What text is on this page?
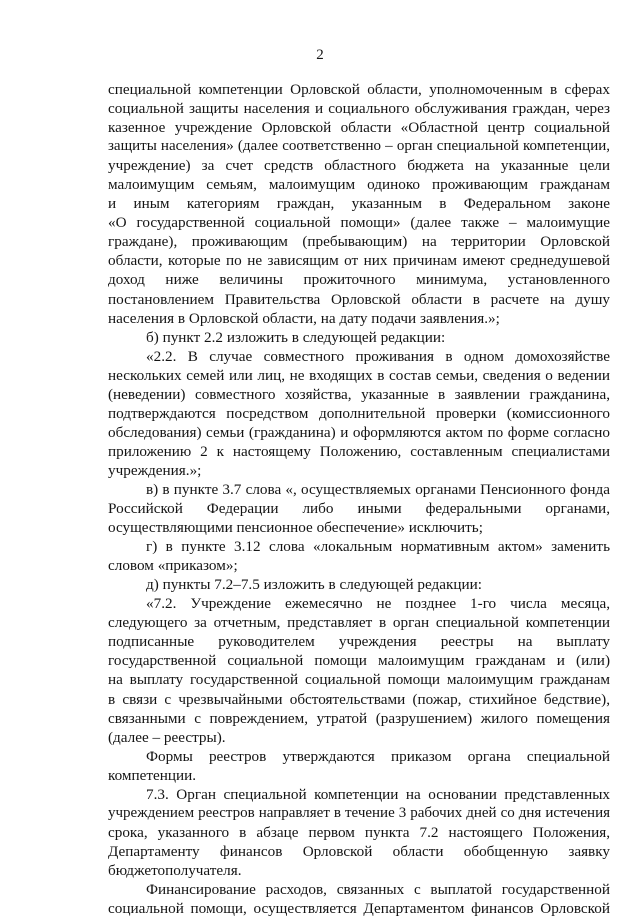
2
специальной компетенции Орловской области, уполномоченным в сферах
социальной защиты населения и социального обслуживания граждан, через
казенное учреждение Орловской области «Областной центр социальной
защиты населения» (далее соответственно – орган специальной компетенции,
учреждение) за счет средств областного бюджета на указанные цели
малоимущим семьям, малоимущим одиноко проживающим гражданам
и иным категориям граждан, указанным в Федеральном законе
«О государственной социальной помощи» (далее также – малоимущие
граждане), проживающим (пребывающим) на территории Орловской
области, которые по не зависящим от них причинам имеют среднедушевой
доход ниже величины прожиточного минимума, установленного
постановлением Правительства Орловской области в расчете на душу
населения в Орловской области, на дату подачи заявления.»;
б) пункт 2.2 изложить в следующей редакции:
«2.2. В случае совместного проживания в одном домохозяйстве
нескольких семей или лиц, не входящих в состав семьи, сведения о ведении
(неведении) совместного хозяйства, указанные в заявлении гражданина,
подтверждаются посредством дополнительной проверки (комиссионного
обследования) семьи (гражданина) и оформляются актом по форме согласно
приложению 2 к настоящему Положению, составленным специалистами
учреждения.»;
в) в пункте 3.7 слова «, осуществляемых органами Пенсионного фонда
Российской Федерации либо иными федеральными органами,
осуществляющими пенсионное обеспечение» исключить;
г) в пункте 3.12 слова «локальным нормативным актом» заменить
словом «приказом»;
д) пункты 7.2–7.5 изложить в следующей редакции:
«7.2. Учреждение ежемесячно не позднее 1-го числа месяца,
следующего за отчетным, представляет в орган специальной компетенции
подписанные руководителем учреждения реестры на выплату
государственной социальной помощи малоимущим гражданам и (или)
на выплату государственной социальной помощи малоимущим гражданам
в связи с чрезвычайными обстоятельствами (пожар, стихийное бедствие),
связанными с повреждением, утратой (разрушением) жилого помещения
(далее – реестры).
Формы реестров утверждаются приказом органа специальной
компетенции.
7.3. Орган специальной компетенции на основании представленных
учреждением реестров направляет в течение 3 рабочих дней со дня истечения
срока, указанного в абзаце первом пункта 7.2 настоящего Положения,
Департаменту финансов Орловской области обобщенную заявку
бюджетополучателя.
Финансирование расходов, связанных с выплатой государственной
социальной помощи, осуществляется Департаментом финансов Орловской
